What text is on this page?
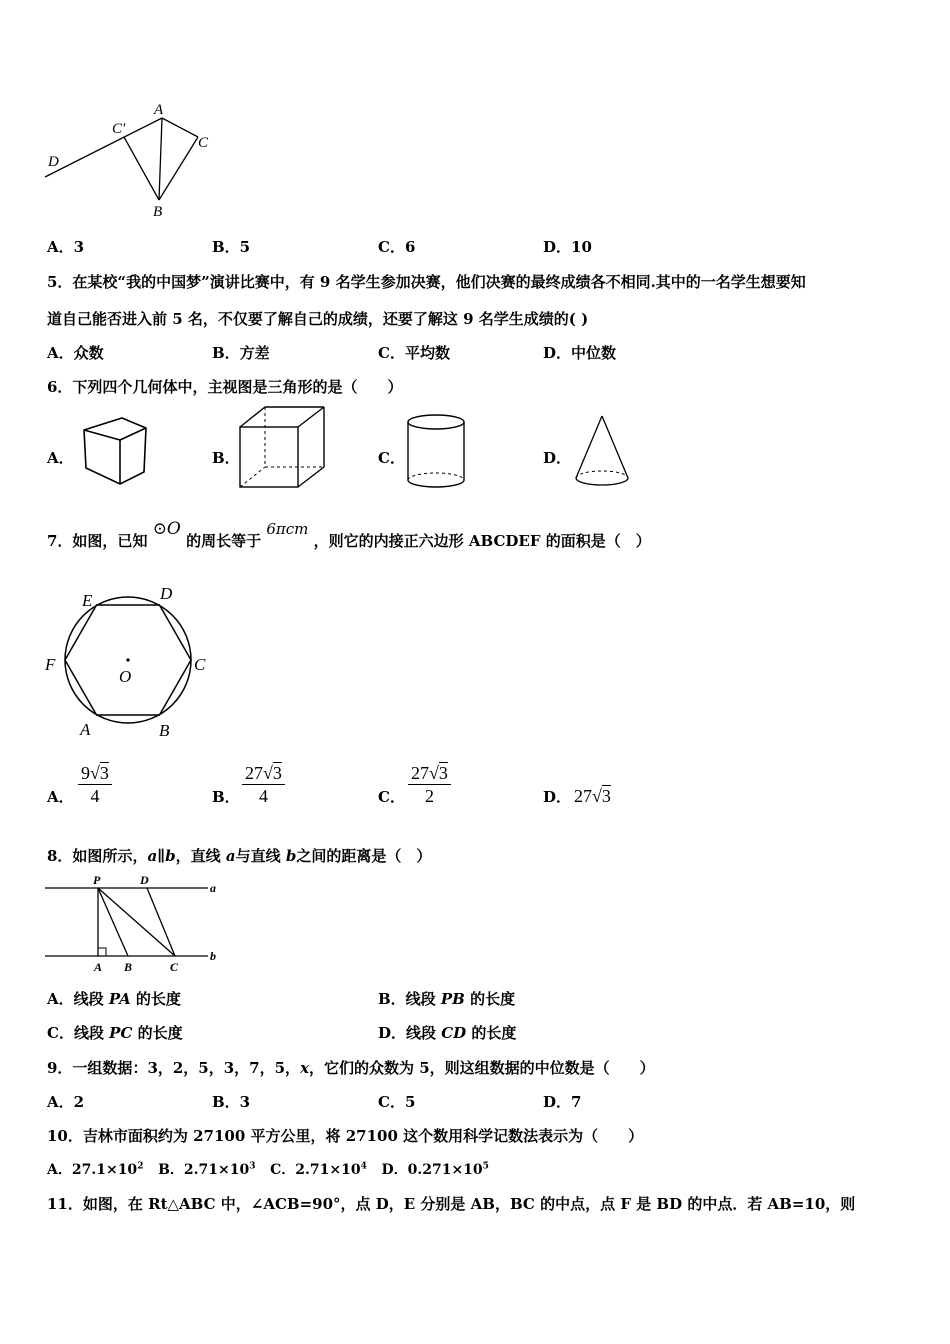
A
C′
C
D
B
A．3	B．5	C．6	D．10
5．在某校“我的中国梦”演讲比赛中，有 9 名学生参加决赛，他们决赛的最终成绩各不相同.其中的一名学生想要知
道自己能否进入前 5 名，不仅要了解自己的成绩，还要了解这 9 名学生成绩的( )
A．众数	B．方差	C．平均数	D．中位数
6．下列四个几何体中，主视图是三角形的是（　　）
A．	B．	C．	D．
7．如图，已知 ⊙O 的周长等于 6πcm ，则它的内接正六边形 ABCDEF 的面积是（　）
E	D
F	C
O
A	B
A． $\frac{9√3}{4}$	B． $\frac{27√3}{4}$	C． $\frac{27√3}{2}$	D． 27√3
8．如图所示，a∥b，直线 a与直线 b之间的距离是（　）
P	D
a
A B	C
b
A．线段 PA 的长度	B．线段 PB 的长度
C．线段 PC 的长度	D．线段 CD 的长度
9．一组数据：3，2，5，3，7，5，x，它们的众数为 5，则这组数据的中位数是（　　）
A．2	B．3	C．5	D．7
10．吉林市面积约为 27100 平方公里，将 27100 这个数用科学记数法表示为（　　）
A．$27.1\times 10^2$ B．$2.71\times 10^3$ C．$2.71\times 10^4$ D．$0.271\times 10^5$
11．如图，在 Rt△ABC 中，∠ACB=90°，点 D，E 分别是 AB，BC 的中点，点 F 是 BD 的中点．若 AB=10，则
